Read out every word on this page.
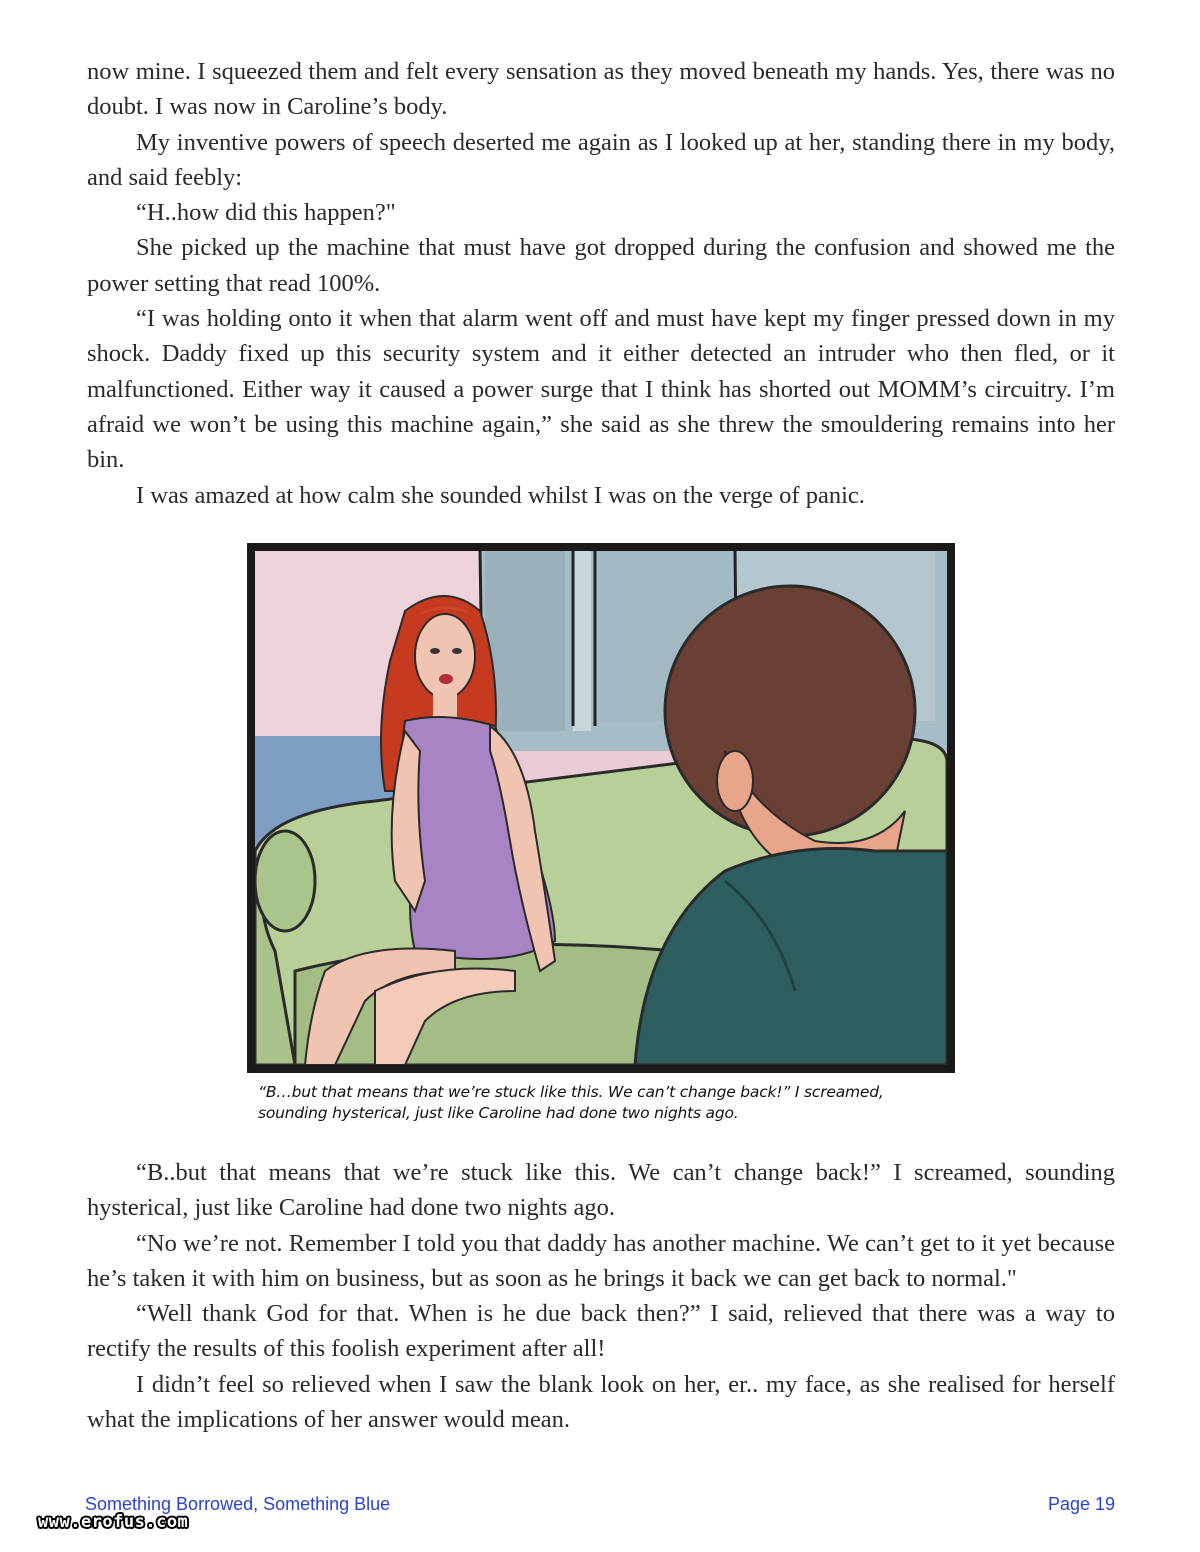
now mine. I squeezed them and felt every sensation as they moved beneath my hands. Yes, there was no doubt. I was now in Caroline’s body.

My inventive powers of speech deserted me again as I looked up at her, standing there in my body, and said feebly:

“H..how did this happen?"

She picked up the machine that must have got dropped during the confusion and showed me the power setting that read 100%.

“I was holding onto it when that alarm went off and must have kept my finger pressed down in my shock. Daddy fixed up this security system and it either detected an intruder who then fled, or it malfunctioned. Either way it caused a power surge that I think has shorted out MOMM’s circuitry. I’m afraid we won’t be using this machine again,” she said as she threw the smouldering remains into her bin.

I was amazed at how calm she sounded whilst I was on the verge of panic.

“B…but that means that we’re stuck like this. We can’t change back!” I screamed, sounding hysterical, just like Caroline had done two nights ago.

“B..but that means that we’re stuck like this. We can’t change back!” I screamed, sounding hysterical, just like Caroline had done two nights ago.

“No we’re not. Remember I told you that daddy has another machine. We can’t get to it yet because he’s taken it with him on business, but as soon as he brings it back we can get back to normal."

“Well thank God for that. When is he due back then?” I said, relieved that there was a way to rectify the results of this foolish experiment after all!

I didn’t feel so relieved when I saw the blank look on her, er.. my face, as she realised for herself what the implications of her answer would mean.

Something Borrowed, Something Blue	Page 19
www.erofus.com
